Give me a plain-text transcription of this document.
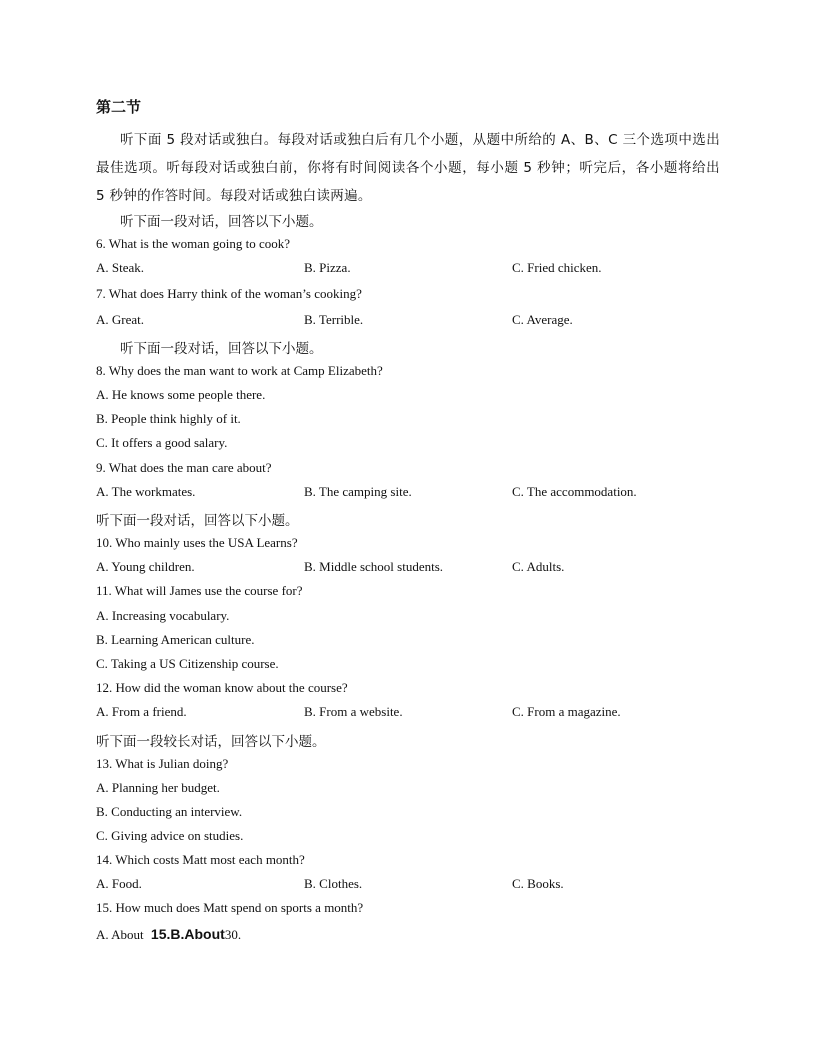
第二节
听下面 5 段对话或独白。每段对话或独白后有几个小题，从题中所给的 A、B、C 三个选项中选出最佳选项。听每段对话或独白前，你将有时间阅读各个小题，每小题 5 秒钟；听完后，各小题将给出 5 秒钟的作答时间。每段对话或独白读两遍。
听下面一段对话，回答以下小题。
6. What is the woman going to cook?
A. Steak.	B. Pizza.	C. Fried chicken.
7. What does Harry think of the woman’s cooking?
A. Great.	B. Terrible.	C. Average.
听下面一段对话，回答以下小题。
8. Why does the man want to work at Camp Elizabeth?
A. He knows some people there.
B. People think highly of it.
C. It offers a good salary.
9. What does the man care about?
A. The workmates.	B. The camping site.	C. The accommodation.
听下面一段对话，回答以下小题。
10. Who mainly uses the USA Learns?
A. Young children.	B. Middle school students.	C. Adults.
11. What will James use the course for?
A. Increasing vocabulary.
B. Learning American culture.
C. Taking a US Citizenship course.
12. How did the woman know about the course?
A. From a friend.	B. From a website.	C. From a magazine.
听下面一段较长对话，回答以下小题。
13. What is Julian doing?
A. Planning her budget.
B. Conducting an interview.
C. Giving advice on studies.
14. Which costs Matt most each month?
A. Food.	B. Clothes.	C. Books.
15. How much does Matt spend on sports a month?
A. About 15.B.About30.
